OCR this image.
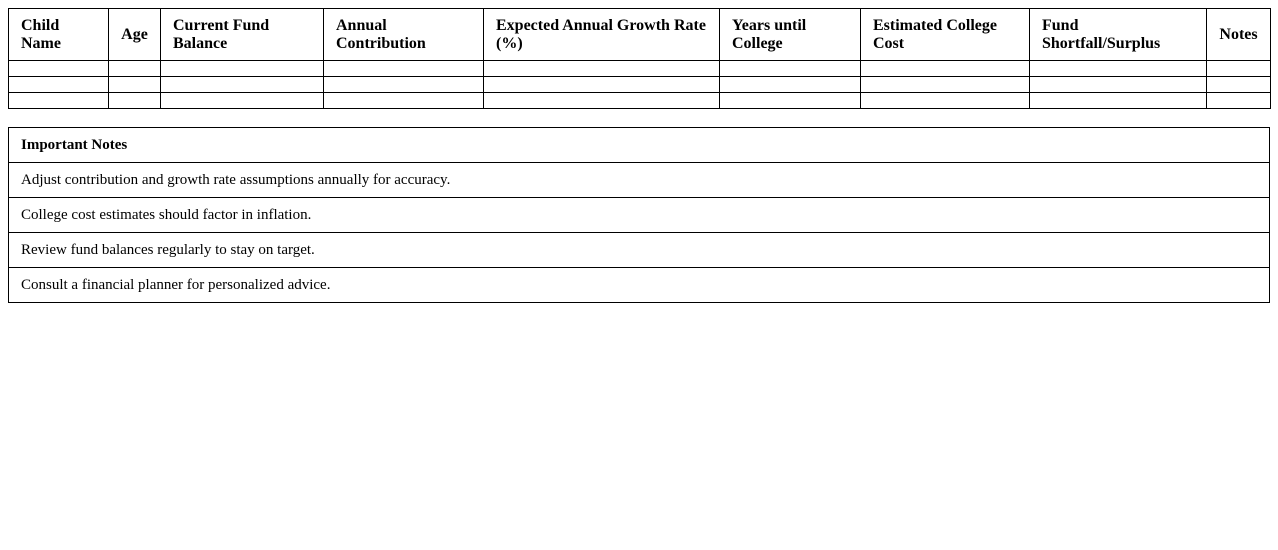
Child Name	Age	Current Fund Balance	Annual Contribution	Expected Annual Growth Rate (%)	Years until College	Estimated College Cost	Fund Shortfall/Surplus	Notes

Important Notes
Adjust contribution and growth rate assumptions annually for accuracy.
College cost estimates should factor in inflation.
Review fund balances regularly to stay on target.
Consult a financial planner for personalized advice.
